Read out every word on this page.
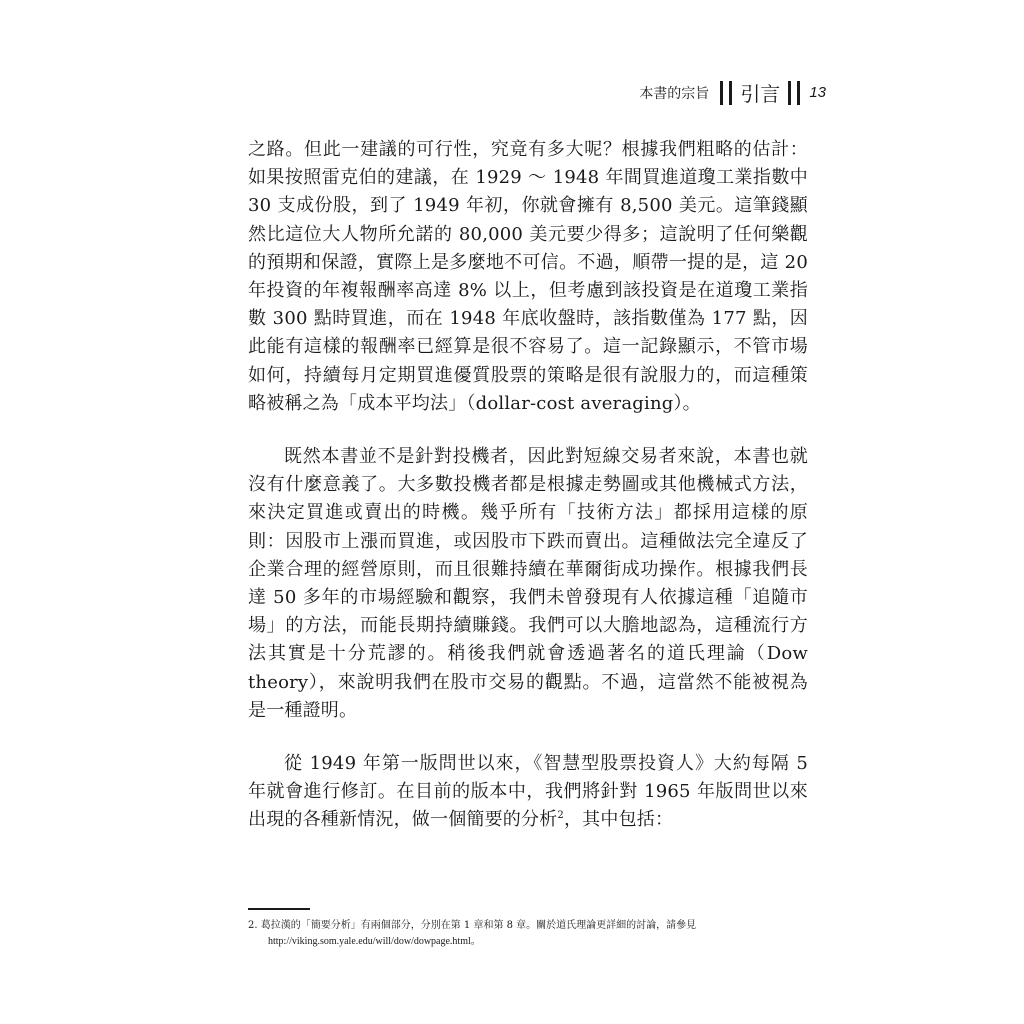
本書的宗旨 引言 13

之路。但此一建議的可行性，究竟有多大呢？根據我們粗略的估計：如果按照雷克伯的建議，在 1929 ～ 1948 年間買進道瓊工業指數中 30 支成份股，到了 1949 年初，你就會擁有 8,500 美元。這筆錢顯然比這位大人物所允諾的 80,000 美元要少得多；這說明了任何樂觀的預期和保證，實際上是多麼地不可信。不過，順帶一提的是，這 20 年投資的年複報酬率高達 8% 以上，但考慮到該投資是在道瓊工業指數 300 點時買進，而在 1948 年底收盤時，該指數僅為 177 點，因此能有這樣的報酬率已經算是很不容易了。這一記錄顯示，不管市場如何，持續每月定期買進優質股票的策略是很有說服力的，而這種策略被稱之為「成本平均法」（dollar-cost averaging）。

既然本書並不是針對投機者，因此對短線交易者來說，本書也就沒有什麼意義了。大多數投機者都是根據走勢圖或其他機械式方法，來決定買進或賣出的時機。幾乎所有「技術方法」都採用這樣的原則：因股市上漲而買進，或因股市下跌而賣出。這種做法完全違反了企業合理的經營原則，而且很難持續在華爾街成功操作。根據我們長達 50 多年的市場經驗和觀察，我們未曾發現有人依據這種「追隨市場」的方法，而能長期持續賺錢。我們可以大膽地認為，這種流行方法其實是十分荒謬的。稍後我們就會透過著名的道氏理論（Dow theory），來說明我們在股市交易的觀點。不過，這當然不能被視為是一種證明。

從 1949 年第一版問世以來，《智慧型股票投資人》大約每隔 5 年就會進行修訂。在目前的版本中，我們將針對 1965 年版問世以來出現的各種新情況，做一個簡要的分析$^2$，其中包括：

2. 葛拉漢的「簡要分析」有兩個部分，分別在第 1 章和第 8 章。關於道氏理論更詳細的討論，請參見
http://viking.som.yale.edu/will/dow/dowpage.html。
